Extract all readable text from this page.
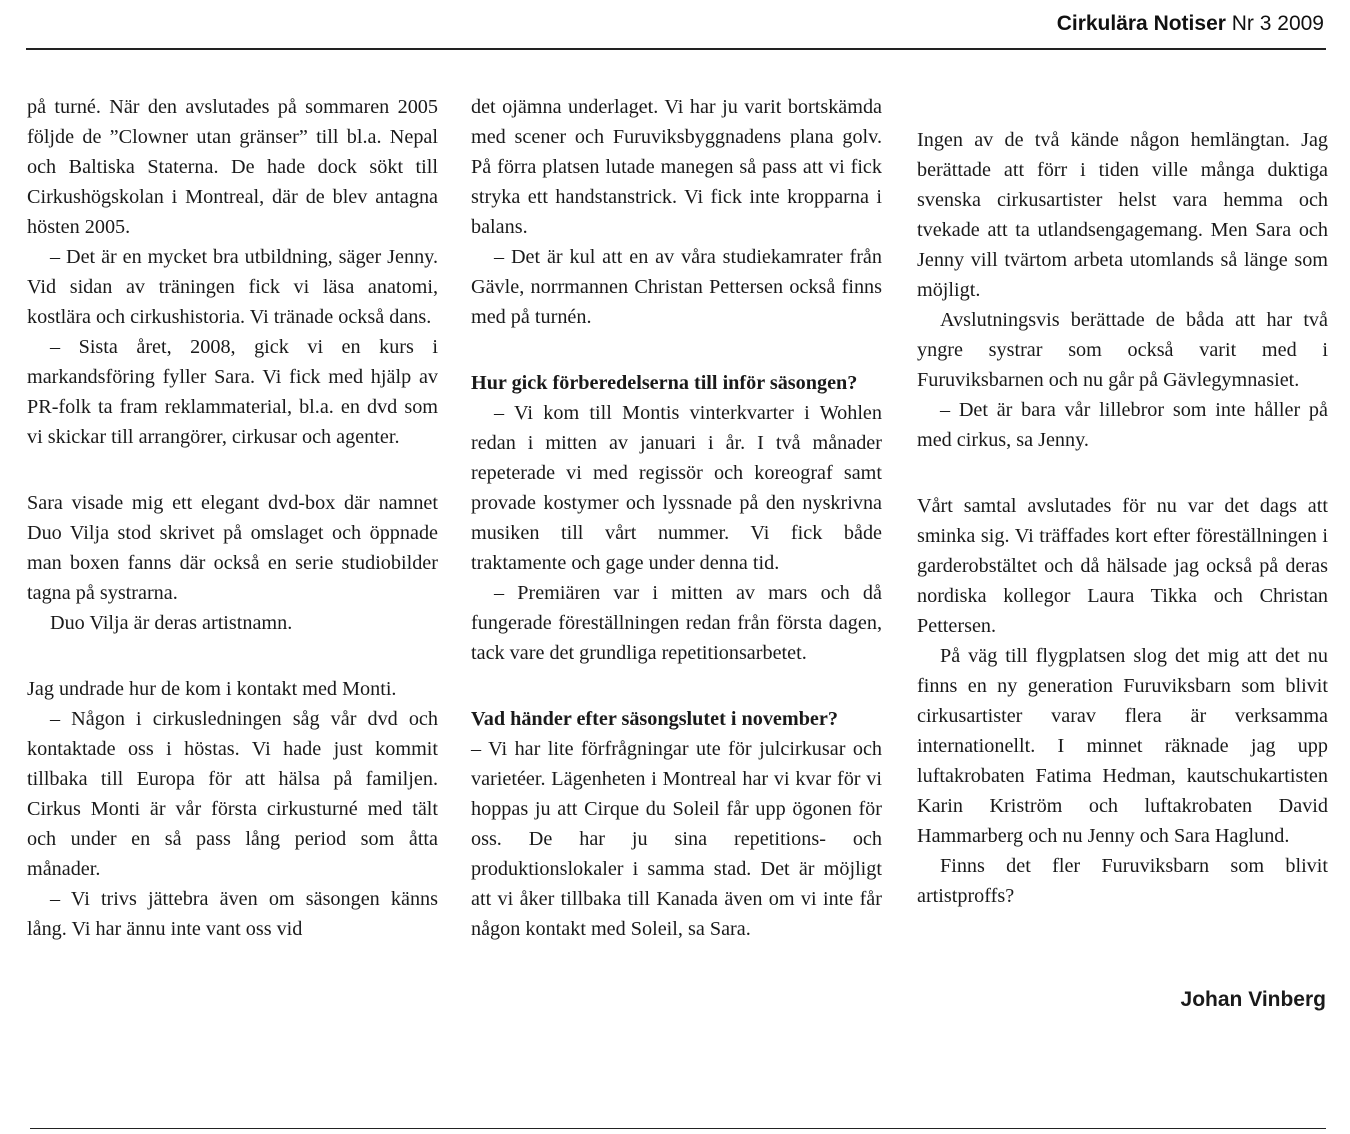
Cirkulära Notiser Nr 3 2009

på turné. När den avslutades på sommaren 2005 följde de ”Clowner utan gränser” till bl.a. Nepal och Baltiska Staterna. De hade dock sökt till Cirkushögskolan i Montreal, där de blev antagna hösten 2005.

– Det är en mycket bra utbildning, säger Jenny. Vid sidan av träningen fick vi läsa anatomi, kostlära och cirkushistoria. Vi tränade också dans.

– Sista året, 2008, gick vi en kurs i markandsföring fyller Sara. Vi fick med hjälp av PR-folk ta fram reklammaterial, bl.a. en dvd som vi skickar till arrangörer, cirkusar och agenter.

Sara visade mig ett elegant dvd-box där namnet Duo Vilja stod skrivet på omslaget och öppnade man boxen fanns där också en serie studiobilder tagna på systrarna.

Duo Vilja är deras artistnamn.

Jag undrade hur de kom i kontakt med Monti.

– Någon i cirkusledningen såg vår dvd och kontaktade oss i höstas. Vi hade just kommit tillbaka till Europa för att hälsa på familjen. Cirkus Monti är vår första cirkusturné med tält och under en så pass lång period som åtta månader.

– Vi trivs jättebra även om säsongen känns lång. Vi har ännu inte vant oss vid

det ojämna underlaget. Vi har ju varit bortskämda med scener och Furuviksbyggnadens plana golv. På förra platsen lutade manegen så pass att vi fick stryka ett handstanstrick. Vi fick inte kropparna i balans.

– Det är kul att en av våra studiekamrater från Gävle, norrmannen Christan Pettersen också finns med på turnén.

Hur gick förberedelserna till inför säsongen?

– Vi kom till Montis vinterkvarter i Wohlen redan i mitten av januari i år. I två månader repeterade vi med regissör och koreograf samt provade kostymer och lyssnade på den nyskrivna musiken till vårt nummer. Vi fick både traktamente och gage under denna tid.

– Premiären var i mitten av mars och då fungerade föreställningen redan från första dagen, tack vare det grundliga repetitionsarbetet.

Vad händer efter säsongslutet i november?

– Vi har lite förfrågningar ute för julcirkusar och varietéer. Lägenheten i Montreal har vi kvar för vi hoppas ju att Cirque du Soleil får upp ögonen för oss. De har ju sina repetitions- och produktionslokaler i samma stad. Det är möjligt att vi åker tillbaka till Kanada även om vi inte får någon kontakt med Soleil, sa Sara.

Ingen av de två kände någon hemlängtan. Jag berättade att förr i tiden ville många duktiga svenska cirkusartister helst vara hemma och tvekade att ta utlandsengagemang. Men Sara och Jenny vill tvärtom arbeta utomlands så länge som möjligt.

Avslutningsvis berättade de båda att har två yngre systrar som också varit med i Furuviksbarnen och nu går på Gävlegymnasiet.

– Det är bara vår lillebror som inte håller på med cirkus, sa Jenny.

Vårt samtal avslutades för nu var det dags att sminka sig. Vi träffades kort efter föreställningen i garderobstältet och då hälsade jag också på deras nordiska kollegor Laura Tikka och Christan Pettersen.

På väg till flygplatsen slog det mig att det nu finns en ny generation Furuviksbarn som blivit cirkusartister varav flera är verksamma internationellt. I minnet räknade jag upp luftakrobaten Fatima Hedman, kautschukartisten Karin Kriström och luftakrobaten David Hammarberg och nu Jenny och Sara Haglund.

Finns det fler Furuviksbarn som blivit artistproffs?

Johan Vinberg
